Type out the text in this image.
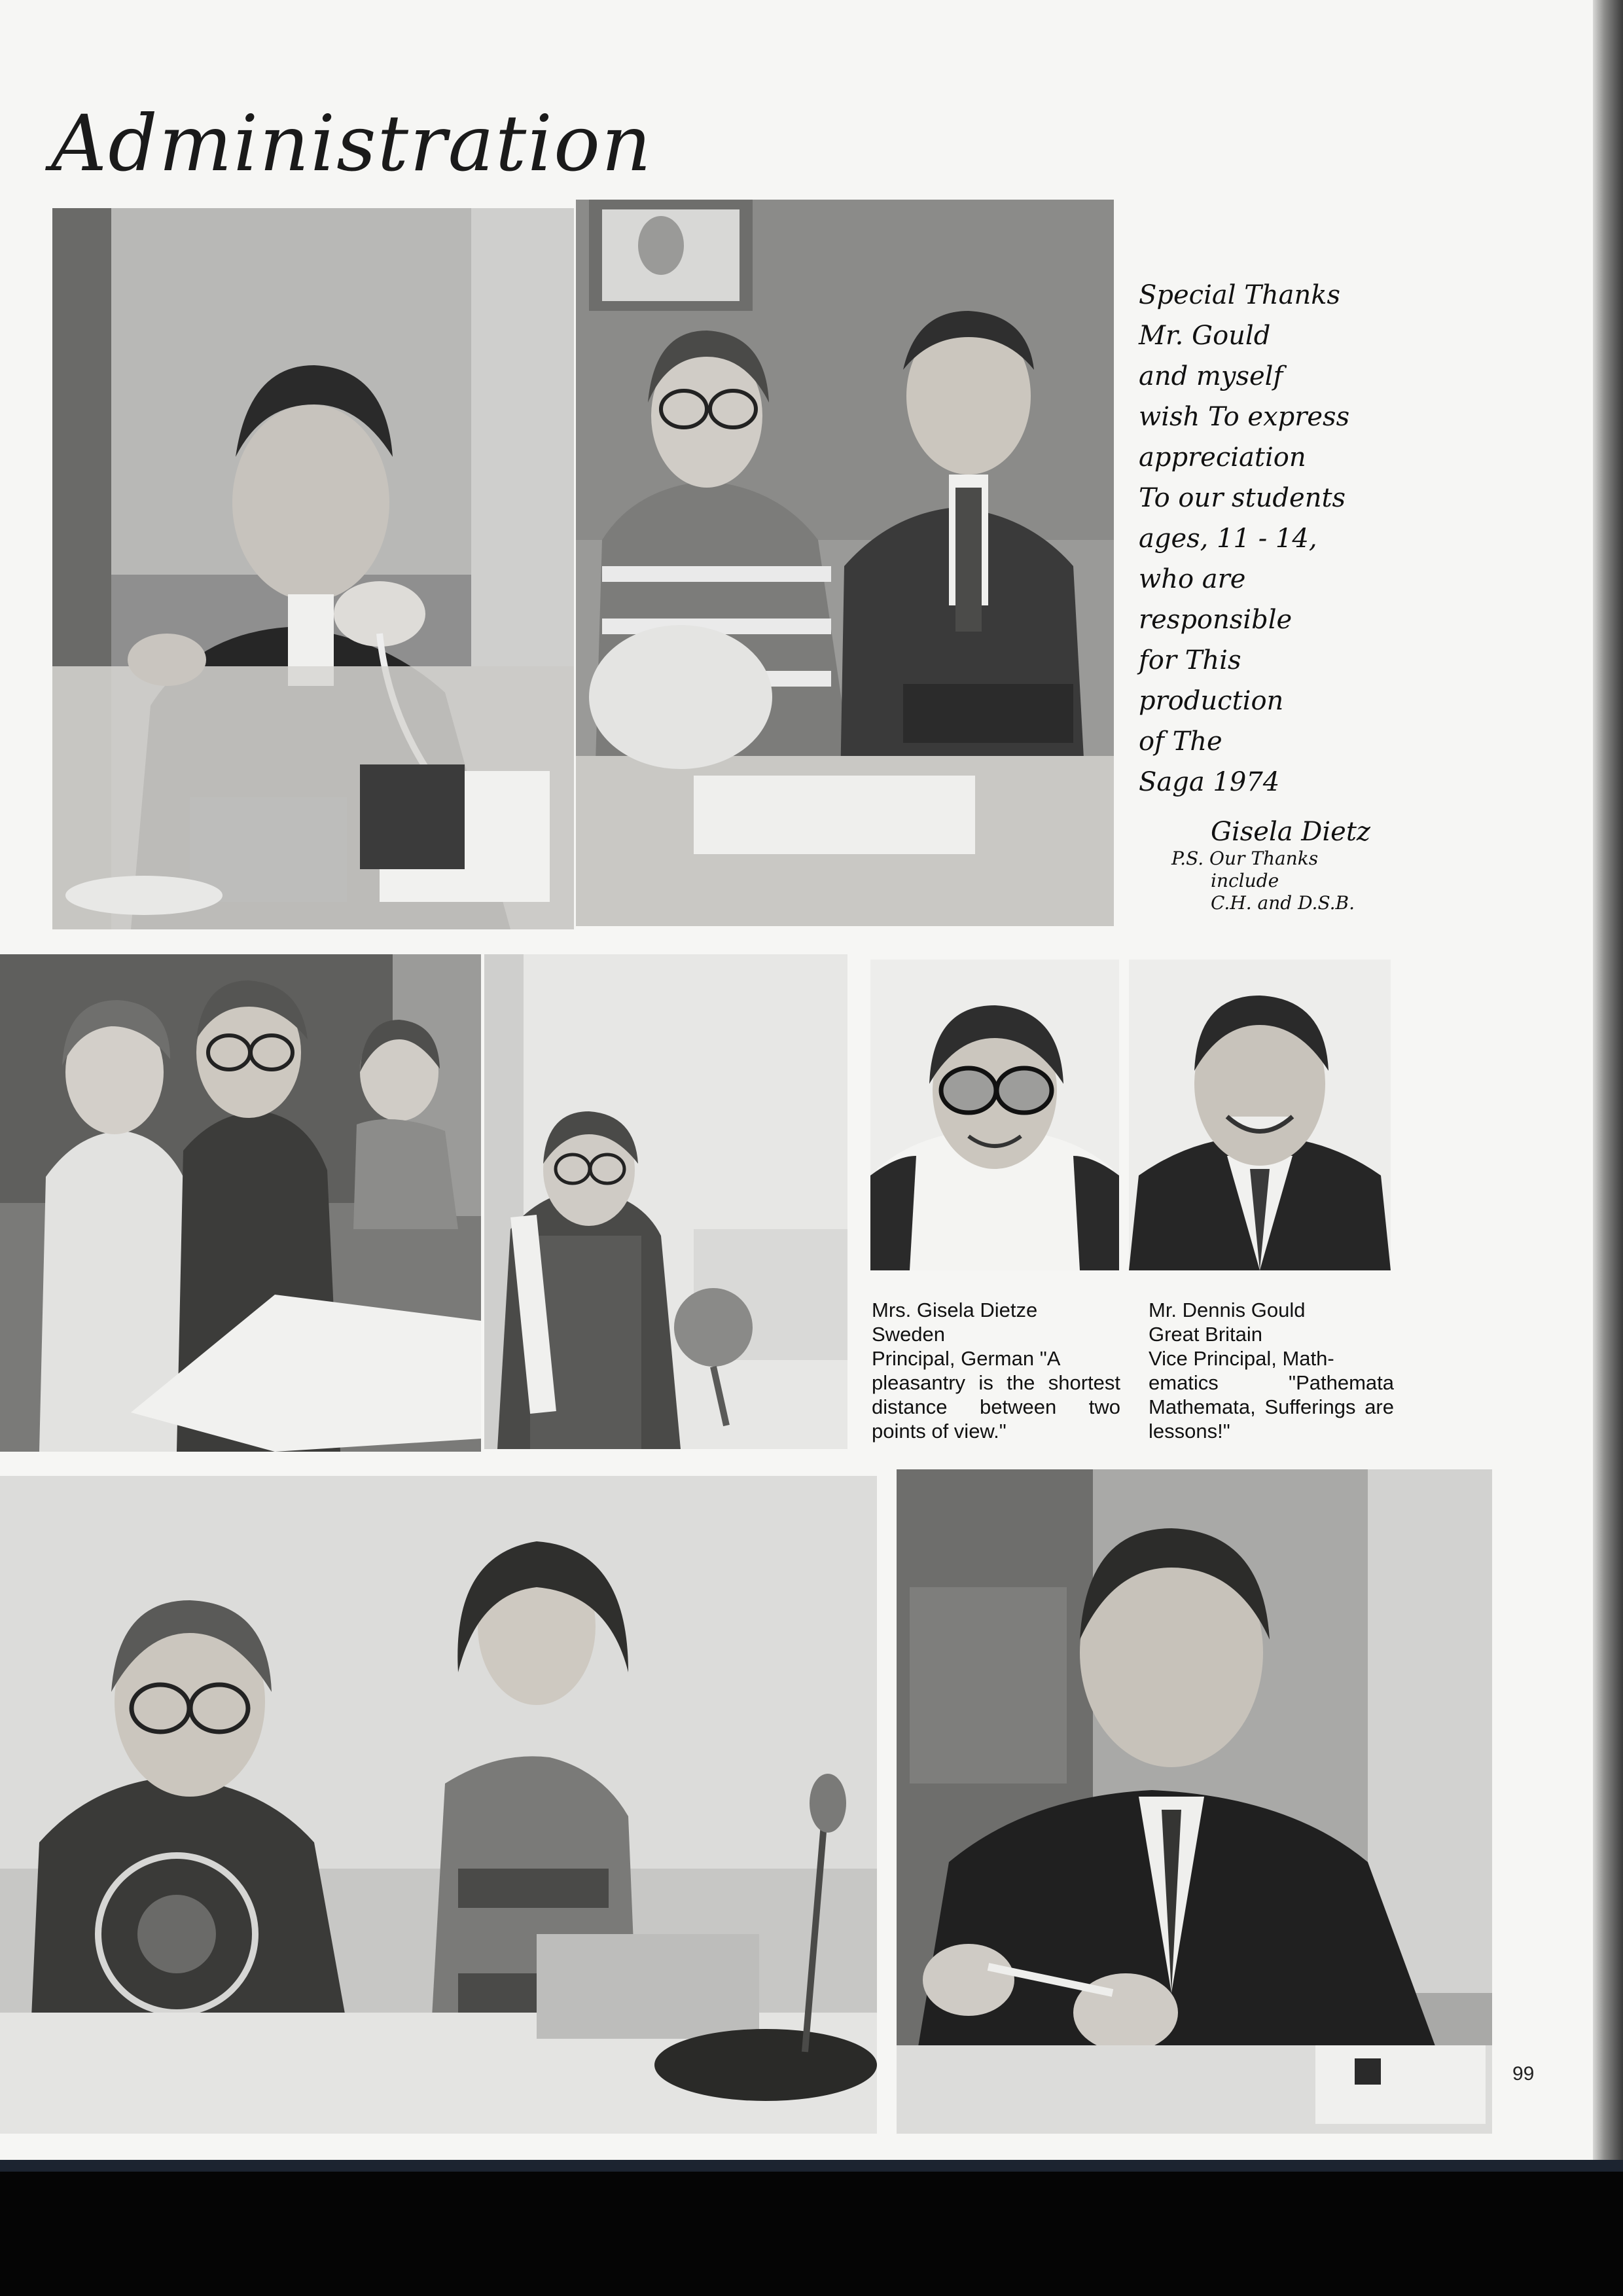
Administration
Special Thanks
Mr. Gould
and myself
wish To express
appreciation
To our students
ages, 11 - 14,
who are
responsible
for This
production
of The
Saga 1974
Gisela Dietz
P.S. Our Thanks
include
C.H. and D.S.B.
Mrs. Gisela Dietze
Sweden
Principal, German "A
pleasantry is the shortest distance between two points of view."
Mr. Dennis Gould
Great Britain
Vice Principal, Math-
ematics "Pathemata Mathemata, Sufferings are lessons!"

99
